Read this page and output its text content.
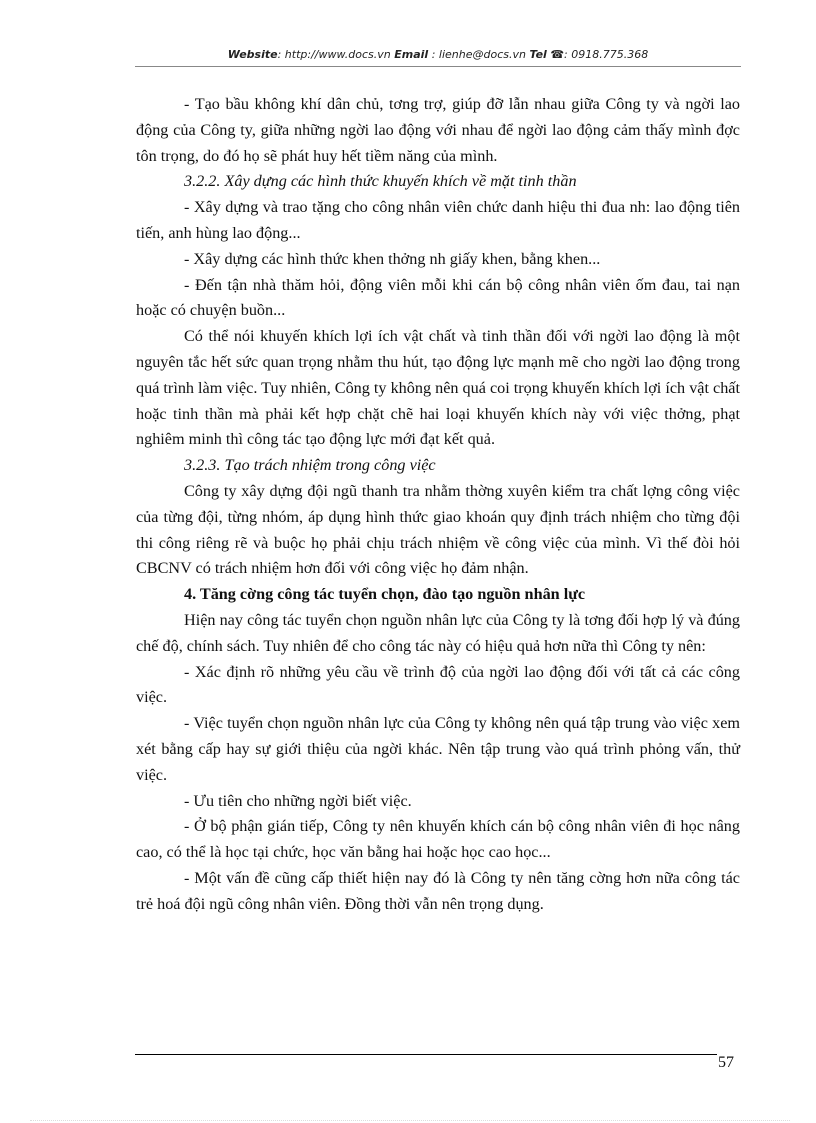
Website: http://www.docs.vn Email : lienhe@docs.vn Tel ☎: 0918.775.368

- Tạo bầu không khí dân chủ, tơng trợ, giúp đỡ lẫn nhau giữa Công ty và ngời lao động của Công ty, giữa những ngời lao động với nhau để ngời lao động cảm thấy mình đợc tôn trọng, do đó họ sẽ phát huy hết tiềm năng của mình.

3.2.2. Xây dựng các hình thức khuyến khích về mặt tinh thần

- Xây dựng và trao tặng cho công nhân viên chức danh hiệu thi đua nh: lao động tiên tiến, anh hùng lao động...

- Xây dựng các hình thức khen thởng nh giấy khen, bằng khen...

- Đến tận nhà thăm hỏi, động viên mỗi khi cán bộ công nhân viên ốm đau, tai nạn hoặc có chuyện buồn...

Có thể nói khuyến khích lợi ích vật chất và tinh thần đối với ngời lao động là một nguyên tắc hết sức quan trọng nhằm thu hút, tạo động lực mạnh mẽ cho ngời lao động trong quá trình làm việc. Tuy nhiên, Công ty không nên quá coi trọng khuyến khích lợi ích vật chất hoặc tinh thần mà phải kết hợp chặt chẽ hai loại khuyến khích này với việc thởng, phạt nghiêm minh thì công tác tạo động lực mới đạt kết quả.

3.2.3. Tạo trách nhiệm trong công việc

Công ty xây dựng đội ngũ thanh tra nhằm thờng xuyên kiểm tra chất lợng công việc của từng đội, từng nhóm, áp dụng hình thức giao khoán quy định trách nhiệm cho từng đội thi công riêng rẽ và buộc họ phải chịu trách nhiệm về công việc của mình. Vì thế đòi hỏi CBCNV có trách nhiệm hơn đối với công việc họ đảm nhận.

4. Tăng cờng công tác tuyển chọn, đào tạo nguồn nhân lực

Hiện nay công tác tuyển chọn nguồn nhân lực của Công ty là tơng đối hợp lý và đúng chế độ, chính sách. Tuy nhiên để cho công tác này có hiệu quả hơn nữa thì Công ty nên:

- Xác định rõ những yêu cầu về trình độ của ngời lao động đối với tất cả các công việc.

- Việc tuyển chọn nguồn nhân lực của Công ty không nên quá tập trung vào việc xem xét bằng cấp hay sự giới thiệu của ngời khác. Nên tập trung vào quá trình phỏng vấn, thử việc.

- Ưu tiên cho những ngời biết việc.

- Ở bộ phận gián tiếp, Công ty nên khuyến khích cán bộ công nhân viên đi học nâng cao, có thể là học tại chức, học văn bằng hai hoặc học cao học...

- Một vấn đề cũng cấp thiết hiện nay đó là Công ty nên tăng cờng hơn nữa công tác trẻ hoá đội ngũ công nhân viên. Đồng thời vẫn nên trọng dụng.

57
